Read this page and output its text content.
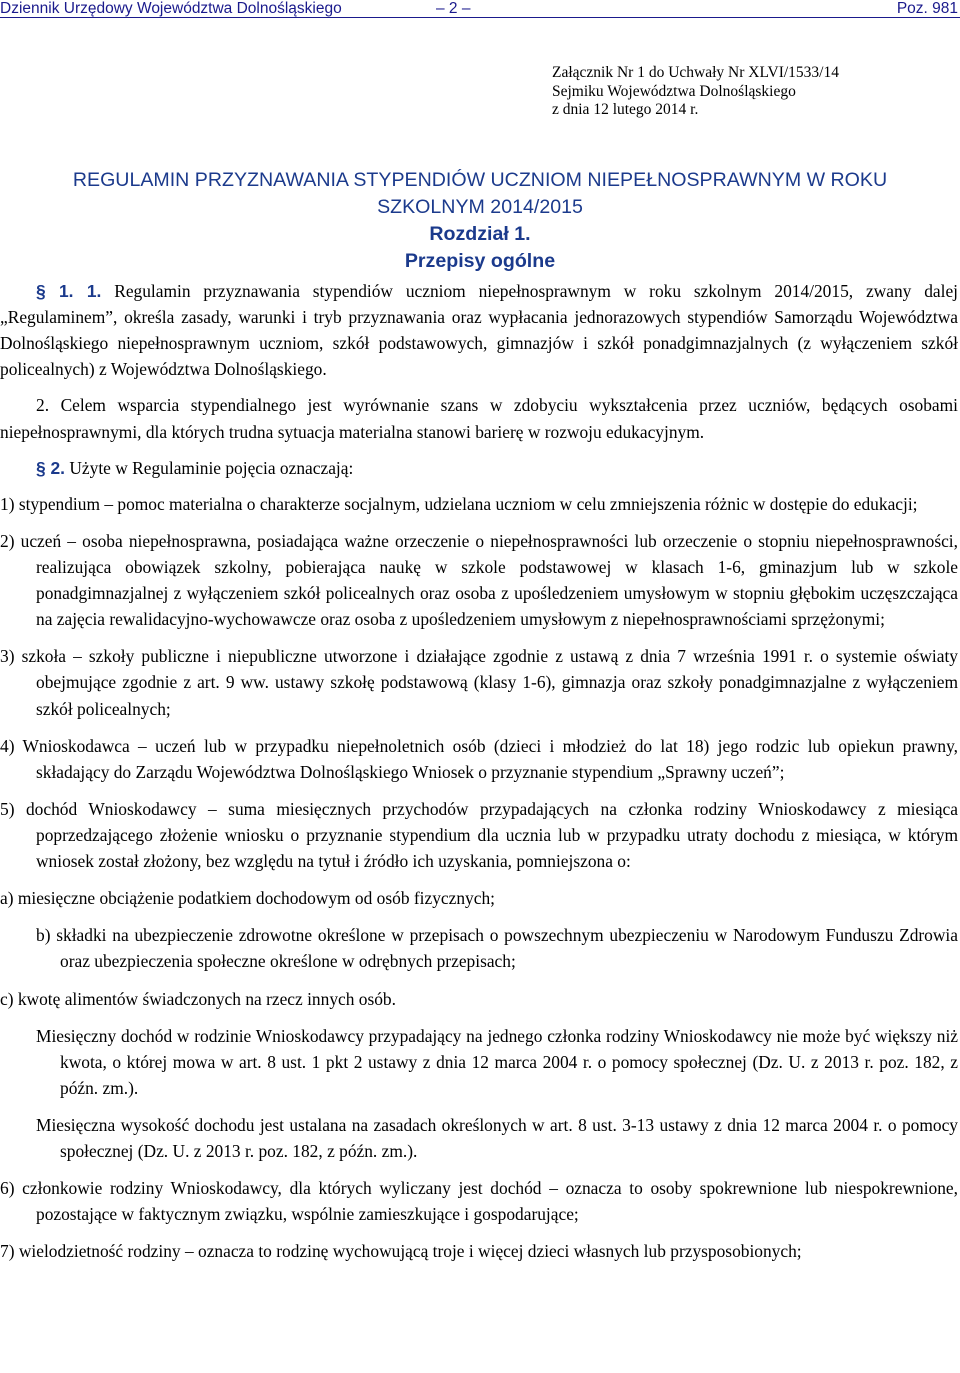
Dziennik Urzędowy Województwa Dolnośląskiego	– 2 –	Poz. 981
Załącznik Nr 1 do Uchwały Nr XLVI/1533/14
Sejmiku Województwa Dolnośląskiego
z dnia 12 lutego 2014 r.
REGULAMIN PRZYZNAWANIA STYPENDIÓW UCZNIOM NIEPEŁNOSPRAWNYM W ROKU
SZKOLNYM 2014/2015
Rozdział 1.
Przepisy ogólne

§ 1. 1. Regulamin przyznawania stypendiów uczniom niepełnosprawnym w roku szkolnym 2014/2015, zwany dalej „Regulaminem”, określa zasady, warunki i tryb przyznawania oraz wypłacania jednorazowych stypendiów Samorządu Województwa Dolnośląskiego niepełnosprawnym uczniom, szkół podstawowych, gimnazjów i szkół ponadgimnazjalnych (z wyłączeniem szkół policealnych) z Województwa Dolnośląskiego.

2. Celem wsparcia stypendialnego jest wyrównanie szans w zdobyciu wykształcenia przez uczniów, będących osobami niepełnosprawnymi, dla których trudna sytuacja materialna stanowi barierę w rozwoju edukacyjnym.

§ 2. Użyte w Regulaminie pojęcia oznaczają:

1) stypendium – pomoc materialna o charakterze socjalnym, udzielana uczniom w celu zmniejszenia różnic w dostępie do edukacji;

2) uczeń – osoba niepełnosprawna, posiadająca ważne orzeczenie o niepełnosprawności lub orzeczenie o stopniu niepełnosprawności, realizująca obowiązek szkolny, pobierająca naukę w szkole podstawowej w klasach 1-6, gminazjum lub w szkole ponadgimnazjalnej z wyłączeniem szkół policealnych oraz osoba z upośledzeniem umysłowym w stopniu głębokim uczęszczająca na zajęcia rewalidacyjno-wychowawcze oraz osoba z upośledzeniem umysłowym z niepełnosprawnościami sprzężonymi;

3) szkoła – szkoły publiczne i niepubliczne utworzone i działające zgodnie z ustawą z dnia 7 września 1991 r. o systemie oświaty obejmujące zgodnie z art. 9 ww. ustawy szkołę podstawową (klasy 1-6), gimnazja oraz szkoły ponadgimnazjalne z wyłączeniem szkół policealnych;

4) Wnioskodawca – uczeń lub w przypadku niepełnoletnich osób (dzieci i młodzież do lat 18) jego rodzic lub opiekun prawny, składający do Zarządu Województwa Dolnośląskiego Wniosek o przyznanie stypendium „Sprawny uczeń”;

5) dochód Wnioskodawcy – suma miesięcznych przychodów przypadających na członka rodziny Wnioskodawcy z miesiąca poprzedzającego złożenie wniosku o przyznanie stypendium dla ucznia lub w przypadku utraty dochodu z miesiąca, w którym wniosek został złożony, bez względu na tytuł i źródło ich uzyskania, pomniejszona o:

a) miesięczne obciążenie podatkiem dochodowym od osób fizycznych;

b) składki na ubezpieczenie zdrowotne określone w przepisach o powszechnym ubezpieczeniu w Narodowym Funduszu Zdrowia oraz ubezpieczenia społeczne określone w odrębnych przepisach;

c) kwotę alimentów świadczonych na rzecz innych osób.

Miesięczny dochód w rodzinie Wnioskodawcy przypadający na jednego członka rodziny Wnioskodawcy nie może być większy niż kwota, o której mowa w art. 8 ust. 1 pkt 2 ustawy z dnia 12 marca 2004 r. o pomocy społecznej (Dz. U. z 2013 r. poz. 182, z późn. zm.).

Miesięczna wysokość dochodu jest ustalana na zasadach określonych w art. 8 ust. 3-13 ustawy z dnia 12 marca 2004 r. o pomocy społecznej (Dz. U. z 2013 r. poz. 182, z późn. zm.).

6) członkowie rodziny Wnioskodawcy, dla których wyliczany jest dochód – oznacza to osoby spokrewnione lub niespokrewnione, pozostające w faktycznym związku, wspólnie zamieszkujące i gospodarujące;

7) wielodzietność rodziny – oznacza to rodzinę wychowującą troje i więcej dzieci własnych lub przysposobionych;
